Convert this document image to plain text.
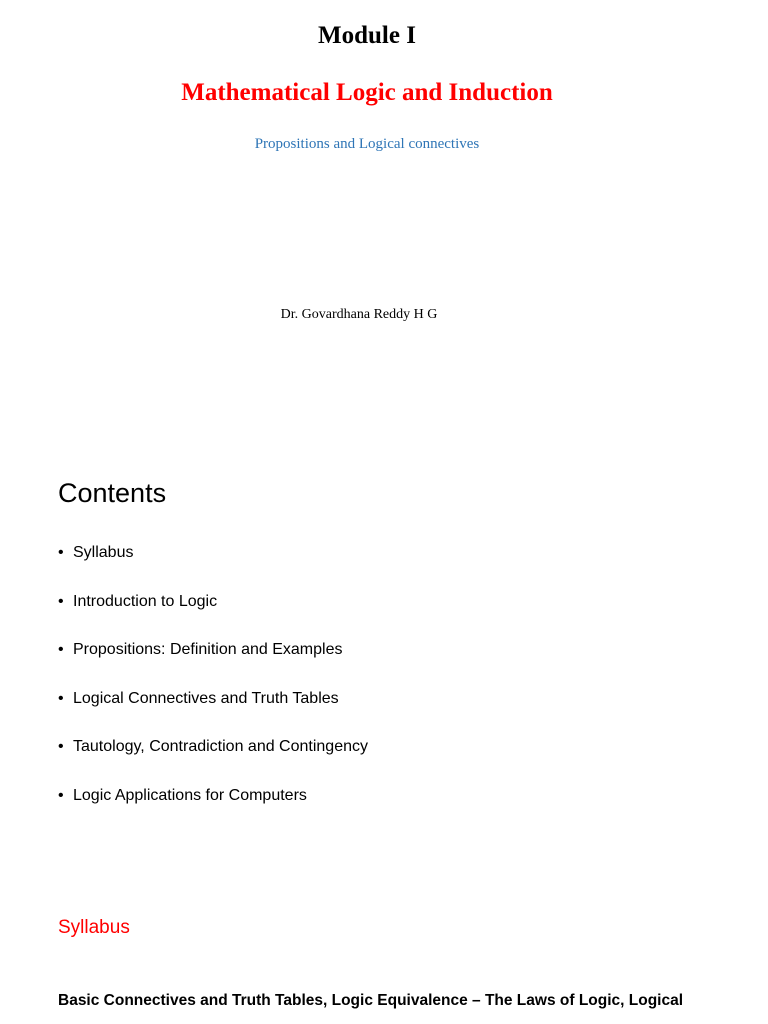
Module I
Mathematical Logic and Induction

Propositions and Logical connectives

Dr. Govardhana Reddy H G

Contents
• Syllabus
• Introduction to Logic
• Propositions: Definition and Examples
• Logical Connectives and Truth Tables
• Tautology, Contradiction and Contingency
• Logic Applications for Computers
Syllabus

Basic Connectives and Truth Tables, Logic Equivalence – The Laws of Logic, Logical
